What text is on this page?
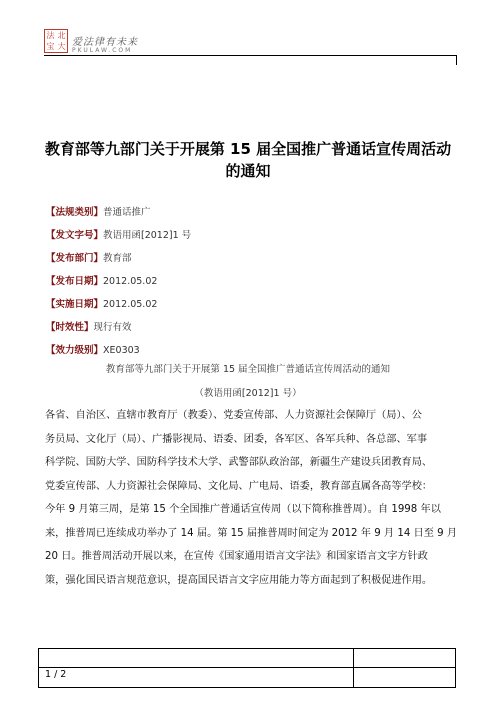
法 北
宝 大 爱法律有未来
PKULAW.COM
教育部等九部门关于开展第 15 届全国推广普通话宣传周活动
的通知
【法规类别】普通话推广
【发文字号】教语用函[2012]1 号
【发布部门】教育部
【发布日期】2012.05.02
【实施日期】2012.05.02
【时效性】现行有效
【效力级别】XE0303
教育部等九部门关于开展第 15 届全国推广普通话宣传周活动的通知
（教语用函[2012]1 号）
各省、自治区、直辖市教育厅（教委）、党委宣传部、人力资源社会保障厅（局）、公
务员局、文化厅（局）、广播影视局、语委、团委，各军区、各军兵种、各总部、军事
科学院、国防大学、国防科学技术大学、武警部队政治部，新疆生产建设兵团教育局、
党委宣传部、人力资源社会保障局、文化局、广电局、语委，教育部直属各高等学校：
今年 9 月第三周，是第 15 个全国推广普通话宣传周（以下简称推普周）。自 1998 年以
来，推普周已连续成功举办了 14 届。第 15 届推普周时间定为 2012 年 9 月 14 日至 9 月
20 日。推普周活动开展以来，在宣传《国家通用语言文字法》和国家语言文字方针政
策，强化国民语言规范意识，提高国民语言文字应用能力等方面起到了积极促进作用。
1 / 2
